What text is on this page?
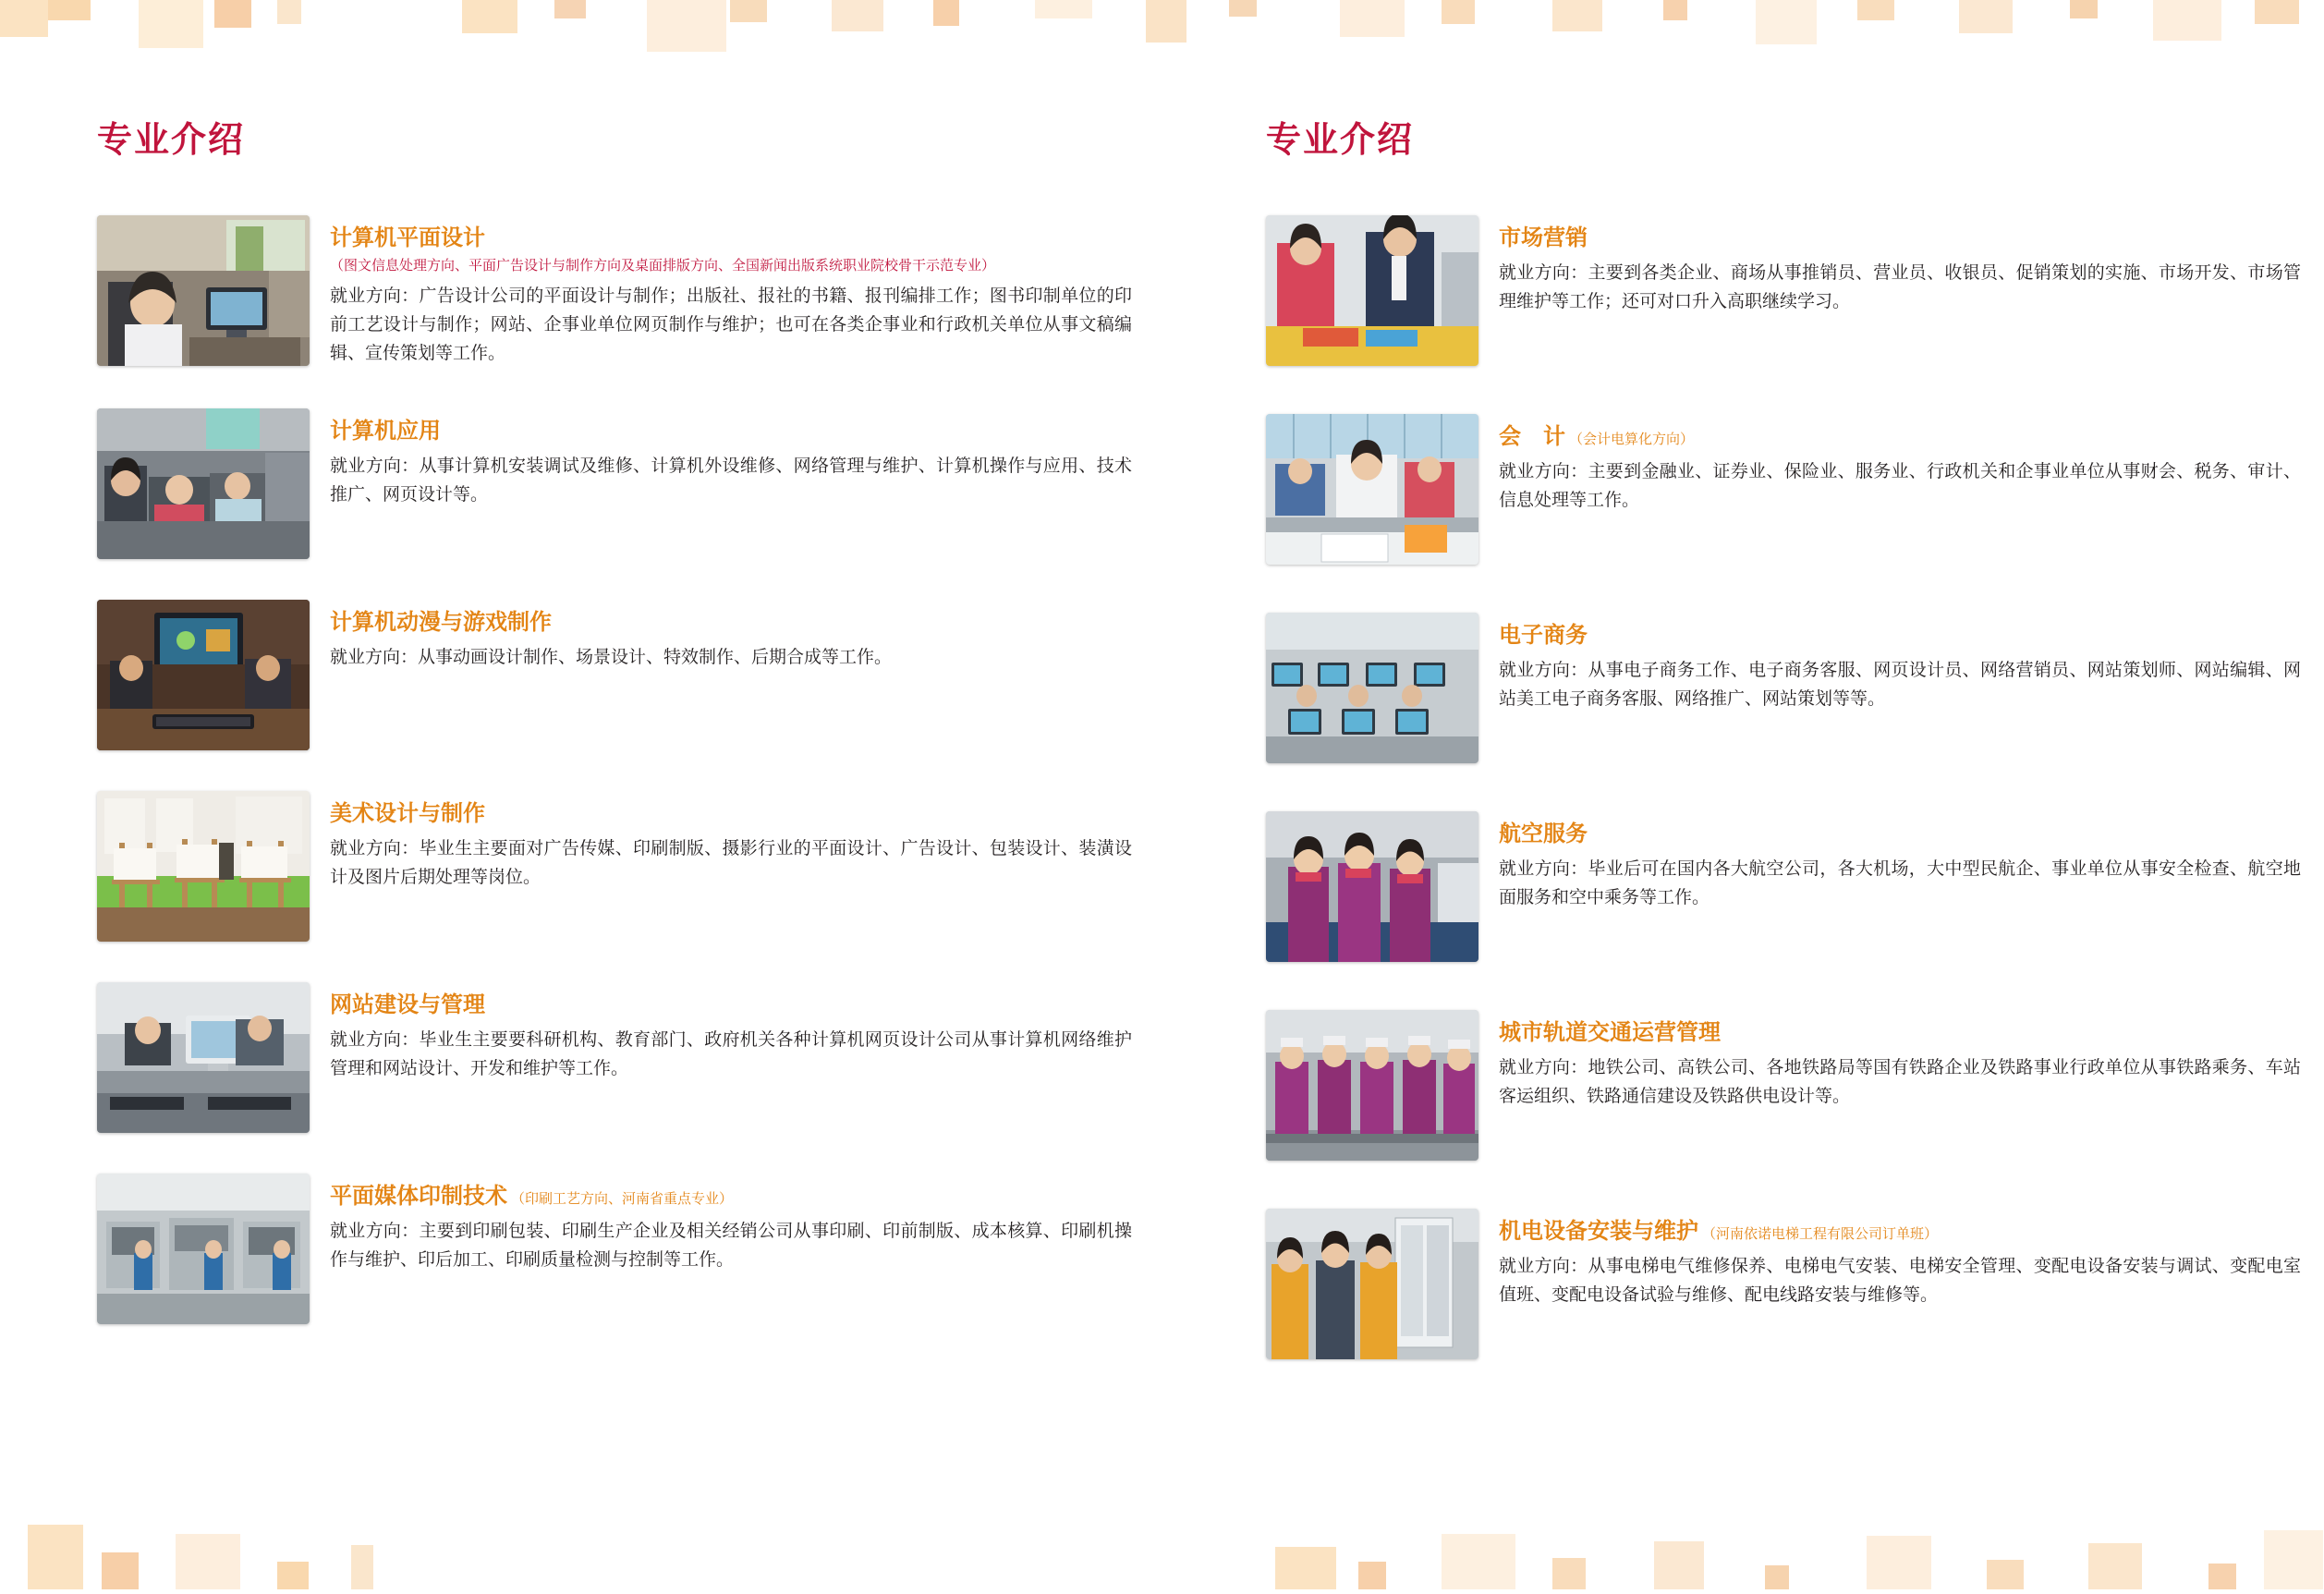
专业介绍
计算机平面设计
（图文信息处理方向、平面广告设计与制作方向及桌面排版方向、全国新闻出版系统职业院校骨干示范专业）

就业方向：广告设计公司的平面设计与制作；出版社、报社的书籍、报刊编排工作；图书印制单位的印前工艺设计与制作；网站、企事业单位网页制作与维护；也可在各类企事业和行政机关单位从事文稿编辑、宣传策划等工作。

计算机应用

就业方向：从事计算机安装调试及维修、计算机外设维修、网络管理与维护、计算机操作与应用、技术推广、网页设计等。

计算机动漫与游戏制作

就业方向：从事动画设计制作、场景设计、特效制作、后期合成等工作。

美术设计与制作

就业方向：毕业生主要面对广告传媒、印刷制版、摄影行业的平面设计、广告设计、包装设计、装潢设计及图片后期处理等岗位。

网站建设与管理

就业方向：毕业生主要要科研机构、教育部门、政府机关各种计算机网页设计公司从事计算机网络维护管理和网站设计、开发和维护等工作。

平面媒体印制技术 （印刷工艺方向、河南省重点专业）

就业方向：主要到印刷包装、印刷生产企业及相关经销公司从事印刷、印前制版、成本核算、印刷机操作与维护、印后加工、印刷质量检测与控制等工作。

专业介绍
市场营销

就业方向：主要到各类企业、商场从事推销员、营业员、收银员、促销策划的实施、市场开发、市场管理维护等工作；还可对口升入高职继续学习。

会　计 （会计电算化方向）

就业方向：主要到金融业、证券业、保险业、服务业、行政机关和企事业单位从事财会、税务、审计、信息处理等工作。

电子商务

就业方向：从事电子商务工作、电子商务客服、网页设计员、网络营销员、网站策划师、网站编辑、网站美工电子商务客服、网络推广、网站策划等等。

航空服务

就业方向：毕业后可在国内各大航空公司，各大机场，大中型民航企、事业单位从事安全检查、航空地面服务和空中乘务等工作。

城市轨道交通运营管理

就业方向：地铁公司、高铁公司、各地铁路局等国有铁路企业及铁路事业行政单位从事铁路乘务、车站客运组织、铁路通信建设及铁路供电设计等。

机电设备安装与维护 （河南依诺电梯工程有限公司订单班）

就业方向：从事电梯电气维修保养、电梯电气安装、电梯安全管理、变配电设备安装与调试、变配电室值班、变配电设备试验与维修、配电线路安装与维修等。
